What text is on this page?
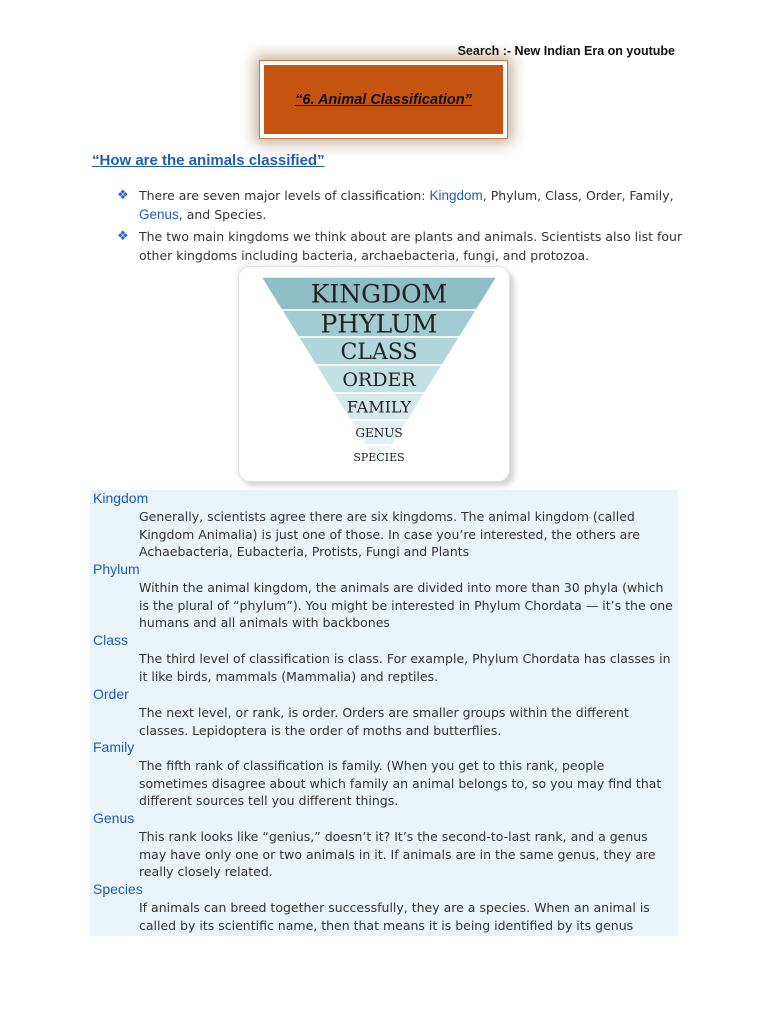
Search :- New Indian Era on youtube
“6. Animal Classification”
“How are the animals classified”
❖ There are seven major levels of classification: Kingdom, Phylum, Class, Order, Family, Genus, and Species.
❖ The two main kingdoms we think about are plants and animals. Scientists also list four other kingdoms including bacteria, archaebacteria, fungi, and protozoa.
KINGDOM
PHYLUM
CLASS
ORDER
FAMILY
GENUS
SPECIES
Kingdom
Generally, scientists agree there are six kingdoms. The animal kingdom (called Kingdom Animalia) is just one of those. In case you’re interested, the others are Achaebacteria, Eubacteria, Protists, Fungi and Plants
Phylum
Within the animal kingdom, the animals are divided into more than 30 phyla (which is the plural of “phylum”). You might be interested in Phylum Chordata — it’s the one humans and all animals with backbones
Class
The third level of classification is class. For example, Phylum Chordata has classes in it like birds, mammals (Mammalia) and reptiles.
Order
The next level, or rank, is order. Orders are smaller groups within the different classes. Lepidoptera is the order of moths and butterflies.
Family
The fifth rank of classification is family. (When you get to this rank, people sometimes disagree about which family an animal belongs to, so you may find that different sources tell you different things.
Genus
This rank looks like “genius,” doesn’t it? It’s the second-to-last rank, and a genus may have only one or two animals in it. If animals are in the same genus, they are really closely related.
Species
If animals can breed together successfully, they are a species. When an animal is called by its scientific name, then that means it is being identified by its genus
